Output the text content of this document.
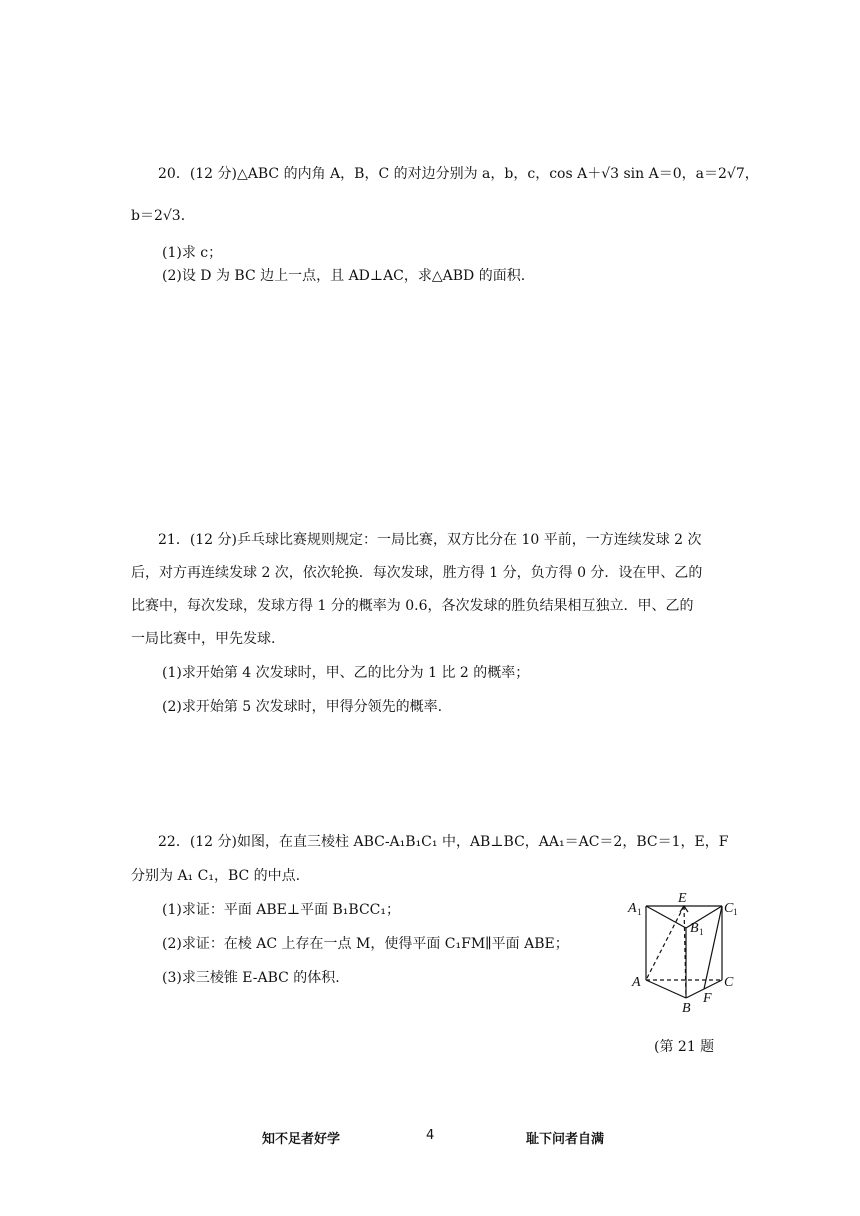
20．(12 分)△ABC 的内角 A，B，C 的对边分别为 a，b，c，cos A＋√3 sin A＝0，a＝2√7，
b＝2√3．
(1)求 c；
(2)设 D 为 BC 边上一点，且 AD⊥AC，求△ABD 的面积.
21．(12 分)乒乓球比赛规则规定：一局比赛，双方比分在 10 平前，一方连续发球 2 次
后，对方再连续发球 2 次，依次轮换．每次发球，胜方得 1 分，负方得 0 分．设在甲、乙的
比赛中，每次发球，发球方得 1 分的概率为 0.6，各次发球的胜负结果相互独立．甲、乙的
一局比赛中，甲先发球.
(1)求开始第 4 次发球时，甲、乙的比分为 1 比 2 的概率；
(2)求开始第 5 次发球时，甲得分领先的概率.
22．(12 分)如图，在直三棱柱 ABC-A₁B₁C₁ 中，AB⊥BC，AA₁＝AC＝2，BC＝1，E，F
分别为 A₁ C₁，BC 的中点.
(1)求证：平面 ABE⊥平面 B₁BCC₁；
(2)求证：在棱 AC 上存在一点 M，使得平面 C₁FM∥平面 ABE；
(3)求三棱锥 E-ABC 的体积.
A 1
E
C 1
B 1
A	C
B
F
(第 21 题
知不足者好学	4	耻下问者自满
